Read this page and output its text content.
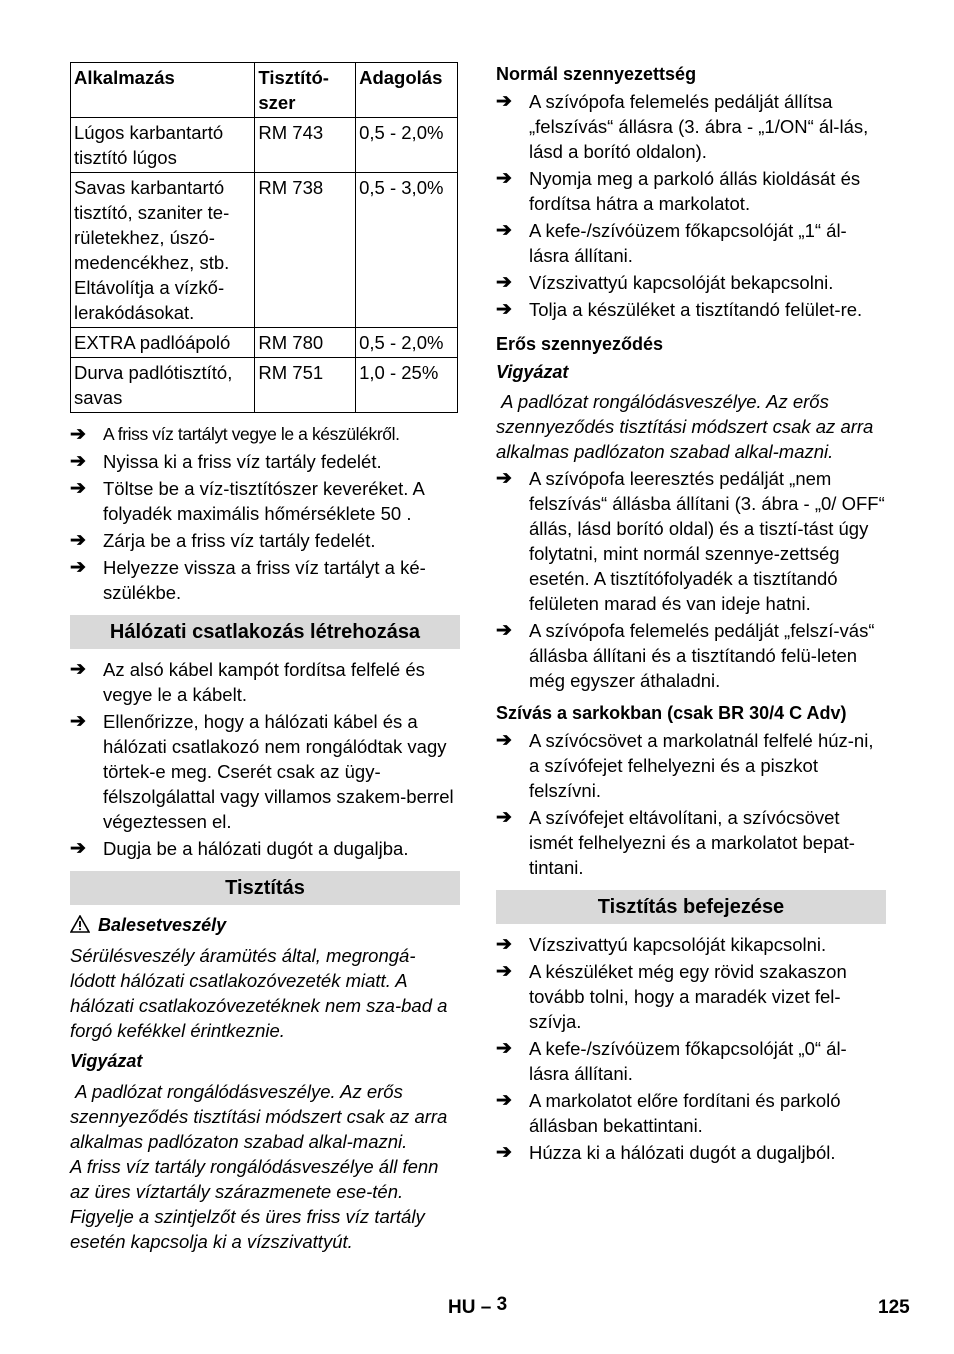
Alkalmazás	Tisztító-szer	Adagolás
Lúgos karbantartó tisztító lúgos	RM 743	0,5 - 2,0%
Savas karbantartó tisztító, szaniter te-rületekhez, úszó-medencékhez, stb. Eltávolítja a vízkő-lerakódásokat.	RM 738	0,5 - 3,0%
EXTRA padlóápoló	RM 780	0,5 - 2,0%
Durva padlótisztító, savas	RM 751	1,0 - 25%
➔ A friss víz tartályt vegye le a készülékről.
➔ Nyissa ki a friss víz tartály fedelét.
➔ Töltse be a víz-tisztítószer keveréket. A folyadék maximális hőmérséklete 50 .
➔ Zárja be a friss víz tartály fedelét.
➔ Helyezze vissza a friss víz tartályt a ké-szülékbe.
Hálózati csatlakozás létrehozása
➔ Az alsó kábel kampót fordítsa felfelé és vegye le a kábelt.
➔ Ellenőrizze, hogy a hálózati kábel és a hálózati csatlakozó nem rongálódtak vagy törtek-e meg. Cserét csak az ügy-félszolgálattal vagy villamos szakem-berrel végeztessen el.
➔ Dugja be a hálózati dugót a dugaljba.
Tisztítás
Balesetveszély
Sérülésveszély áramütés által, megrongá-lódott hálózati csatlakozóvezeték miatt. A hálózati csatlakozóvezetéknek nem sza-bad a forgó kefékkel érintkeznie.
Vigyázat
A padlózat rongálódásveszélye. Az erős szennyeződés tisztítási módszert csak az arra alkalmas padlózaton szabad alkal-mazni.
A friss víz tartály rongálódásveszélye áll fenn az üres víztartály szárazmenete ese-tén. Figyelje a szintjelzőt és üres friss víz tartály esetén kapcsolja ki a vízszivattyút.
Normál szennyezettség
➔ A szívópofa felemelés pedálját állítsa „felszívás“ állásra (3. ábra - „1/ON“ ál-lás, lásd a borító oldalon).
➔ Nyomja meg a parkoló állás kioldását és fordítsa hátra a markolatot.
➔ A kefe-/szívóüzem főkapcsolóját „1“ ál-lásra állítani.
➔ Vízszivattyú kapcsolóját bekapcsolni.
➔ Tolja a készüléket a tisztítandó felület-re.
Erős szennyeződés
Vigyázat
A padlózat rongálódásveszélye. Az erős szennyeződés tisztítási módszert csak az arra alkalmas padlózaton szabad alkal-mazni.
➔ A szívópofa leeresztés pedálját „nem felszívás“ állásba állítani (3. ábra - „0/ OFF“ állás, lásd borító oldal) és a tisztí-tást úgy folytatni, mint normál szennye-zettség esetén. A tisztítófolyadék a tisztítandó felületen marad és van ideje hatni.
➔ A szívópofa felemelés pedálját „felszí-vás“ állásba állítani és a tisztítandó felü-leten még egyszer áthaladni.
Szívás a sarkokban (csak BR 30/4 C Adv)
➔ A szívócsövet a markolatnál felfelé húz-ni, a szívófejet felhelyezni és a piszkot felszívni.
➔ A szívófejet eltávolítani, a szívócsövet ismét felhelyezni és a markolatot bepat-tintani.
Tisztítás befejezése
➔ Vízszivattyú kapcsolóját kikapcsolni.
➔ A készüléket még egy rövid szakaszon tovább tolni, hogy a maradék vizet fel-szívja.
➔ A kefe-/szívóüzem főkapcsolóját „0“ ál-lásra állítani.
➔ A markolatot előre fordítani és parkoló állásban bekattintani.
➔ Húzza ki a hálózati dugót a dugaljból.
HU – 3	125
